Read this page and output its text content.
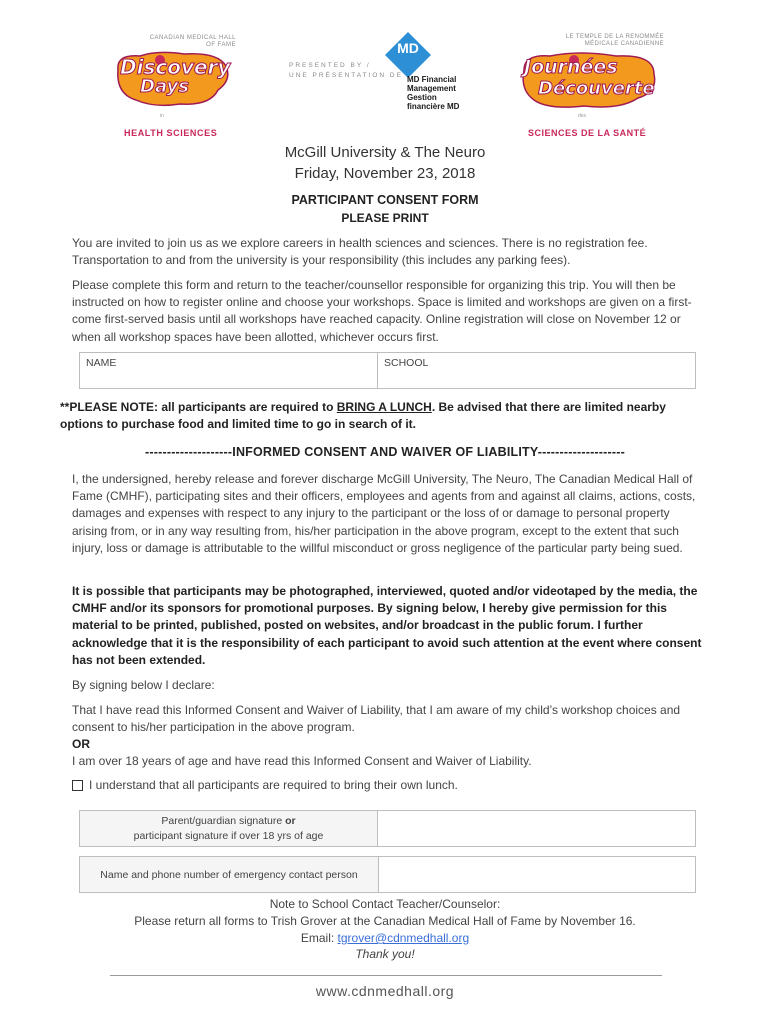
CANADIAN MEDICAL HALL OF FAME
Discovery
Days
in
HEALTH SCIENCES
PRESENTED BY /
UNE PRÉSENTATION DE
MD
MD Financial
Management
Gestion
financière MD
LE TEMPLE DE LA RENOMMÉE MÉDICALE CANADIENNE
Journées
Découverte
des
SCIENCES DE LA SANTÉ
McGill University & The Neuro
Friday, November 23, 2018
PARTICIPANT CONSENT FORM
PLEASE PRINT
You are invited to join us as we explore careers in health sciences and sciences. There is no registration fee. Transportation to and from the university is your responsibility (this includes any parking fees).
Please complete this form and return to the teacher/counsellor responsible for organizing this trip. You will then be instructed on how to register online and choose your workshops. Space is limited and workshops are given on a first-come first-served basis until all workshops have reached capacity. Online registration will close on November 12 or when all workshop spaces have been allotted, whichever occurs first.
NAME	SCHOOL
**PLEASE NOTE: all participants are required to BRING A LUNCH. Be advised that there are limited nearby options to purchase food and limited time to go in search of it.
--------------------INFORMED CONSENT AND WAIVER OF LIABILITY--------------------
I, the undersigned, hereby release and forever discharge McGill University, The Neuro, The Canadian Medical Hall of Fame (CMHF), participating sites and their officers, employees and agents from and against all claims, actions, costs, damages and expenses with respect to any injury to the participant or the loss of or damage to personal property arising from, or in any way resulting from, his/her participation in the above program, except to the extent that such injury, loss or damage is attributable to the willful misconduct or gross negligence of the particular party being sued.
It is possible that participants may be photographed, interviewed, quoted and/or videotaped by the media, the CMHF and/or its sponsors for promotional purposes. By signing below, I hereby give permission for this material to be printed, published, posted on websites, and/or broadcast in the public forum. I further acknowledge that it is the responsibility of each participant to avoid such attention at the event where consent has not been extended.
By signing below I declare:
That I have read this Informed Consent and Waiver of Liability, that I am aware of my child’s workshop choices and consent to his/her participation in the above program.
OR
I am over 18 years of age and have read this Informed Consent and Waiver of Liability.
I understand that all participants are required to bring their own lunch.
Parent/guardian signature or
participant signature if over 18 yrs of age
Name and phone number of emergency contact person
Note to School Contact Teacher/Counselor:
Please return all forms to Trish Grover at the Canadian Medical Hall of Fame by November 16.
Email: tgrover@cdnmedhall.org
Thank you!
www.cdnmedhall.org
